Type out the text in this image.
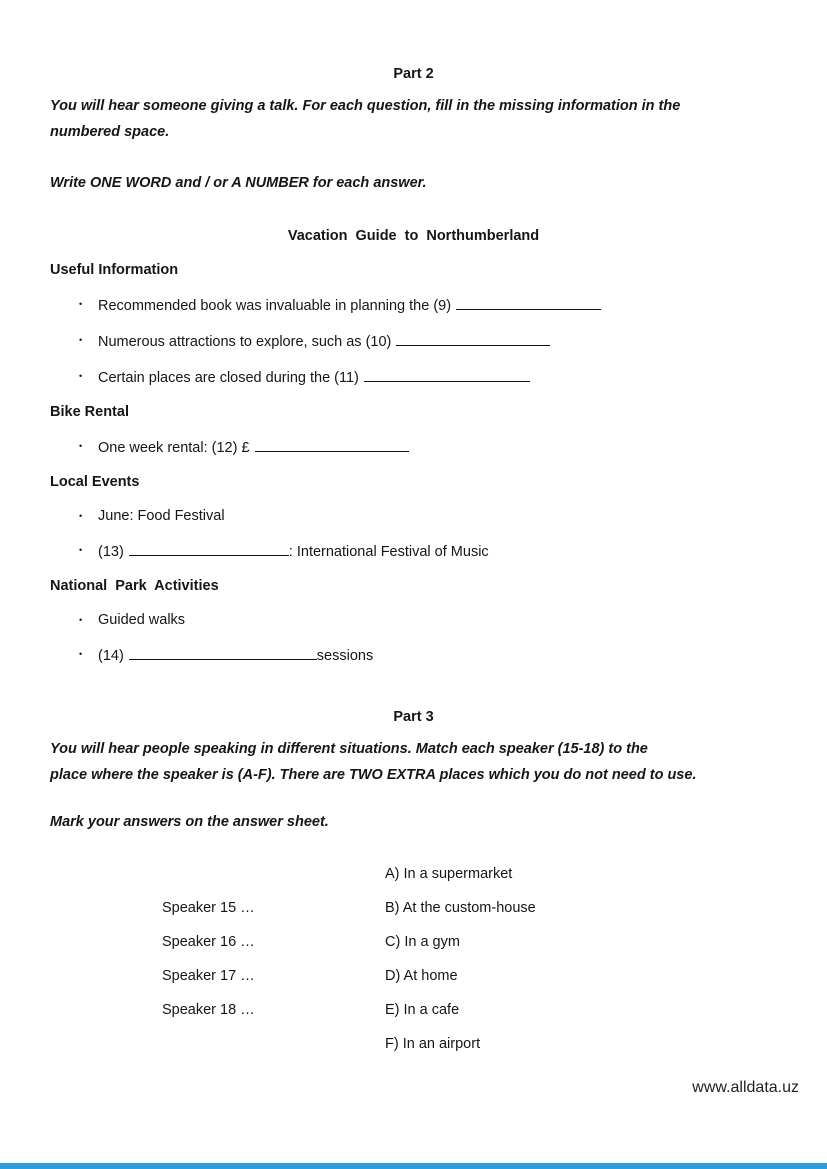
Part 2
You will hear someone giving a talk. For each question, fill in the missing information in the
numbered space.
Write ONE WORD and / or A NUMBER for each answer.
Vacation Guide to Northumberland
Useful Information
• Recommended book was invaluable in planning the (9)
• Numerous attractions to explore, such as (10)
• Certain places are closed during the (11)
Bike Rental
• One week rental: (12) £
Local Events
• June: Food Festival
• (13)	: International Festival of Music
National Park Activities
• Guided walks
• (14)	sessions
Part 3
You will hear people speaking in different situations. Match each speaker (15-18) to the
place where the speaker is (A-F). There are TWO EXTRA places which you do not need to use.
Mark your answers on the answer sheet.
A) In a supermarket
Speaker 15 …	B) At the custom-house
Speaker 16 …	C) In a gym
Speaker 17 …	D) At home
Speaker 18 …	E) In a cafe
F) In an airport
www.alldata.uz
